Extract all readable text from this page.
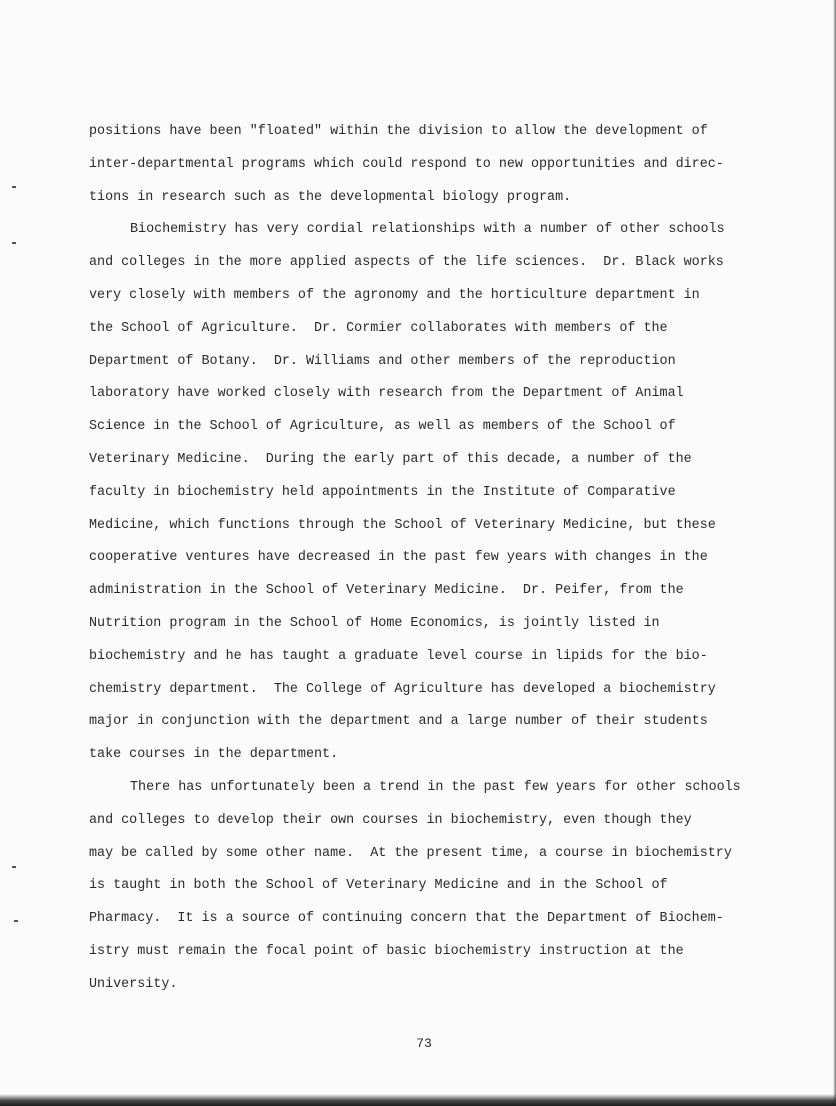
positions have been "floated" within the division to allow the development of
inter-departmental programs which could respond to new opportunities and direc-
tions in research such as the developmental biology program.
Biochemistry has very cordial relationships with a number of other schools
and colleges in the more applied aspects of the life sciences.  Dr. Black works
very closely with members of the agronomy and the horticulture department in
the School of Agriculture.  Dr. Cormier collaborates with members of the
Department of Botany.  Dr. Williams and other members of the reproduction
laboratory have worked closely with research from the Department of Animal
Science in the School of Agriculture, as well as members of the School of
Veterinary Medicine.  During the early part of this decade, a number of the
faculty in biochemistry held appointments in the Institute of Comparative
Medicine, which functions through the School of Veterinary Medicine, but these
cooperative ventures have decreased in the past few years with changes in the
administration in the School of Veterinary Medicine.  Dr. Peifer, from the
Nutrition program in the School of Home Economics, is jointly listed in
biochemistry and he has taught a graduate level course in lipids for the bio-
chemistry department.  The College of Agriculture has developed a biochemistry
major in conjunction with the department and a large number of their students
take courses in the department.
There has unfortunately been a trend in the past few years for other schools
and colleges to develop their own courses in biochemistry, even though they
may be called by some other name.  At the present time, a course in biochemistry
is taught in both the School of Veterinary Medicine and in the School of
Pharmacy.  It is a source of continuing concern that the Department of Biochem-
istry must remain the focal point of basic biochemistry instruction at the
University.
73
